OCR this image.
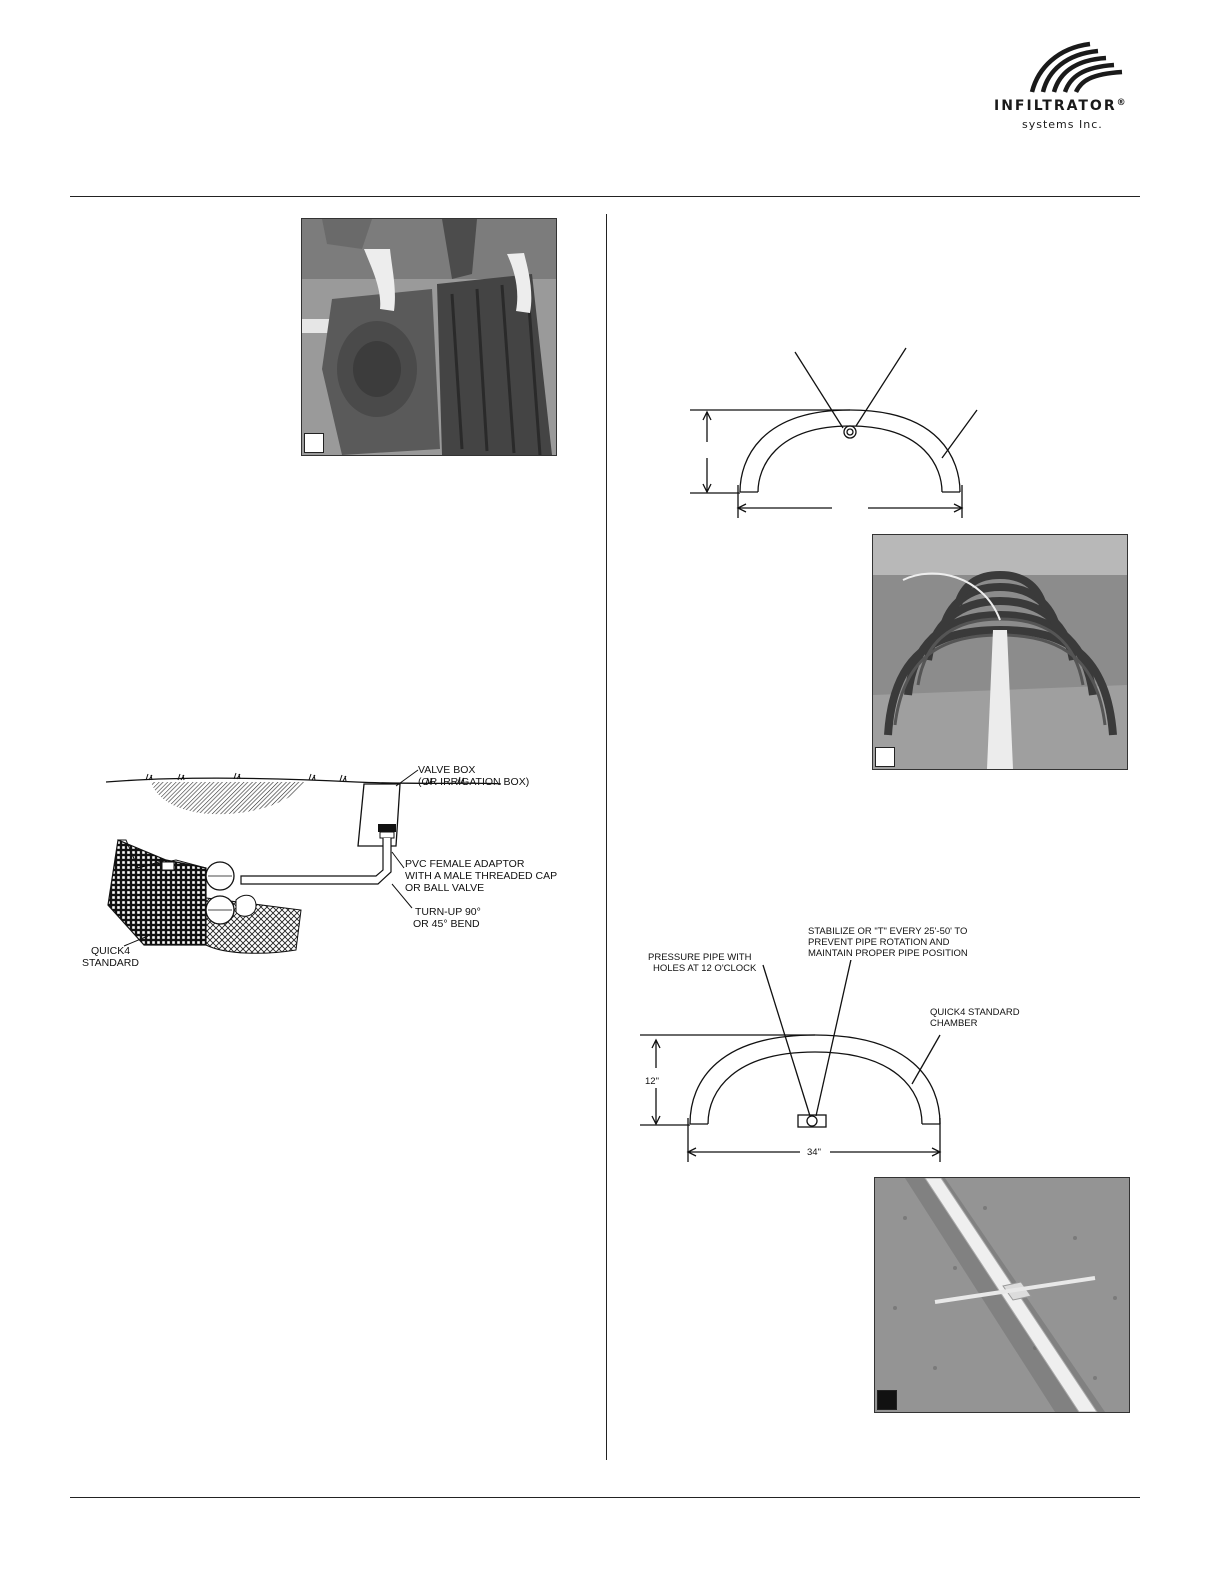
INFILTRATOR®
systems Inc.
VALVE BOX
(OR IRRIGATION BOX)
PVC FEMALE ADAPTOR
WITH A MALE THREADED CAP
OR BALL VALVE
TURN-UP 90°
OR 45° BEND
QUICK4
STANDARD
STABILIZE OR "T" EVERY 25'-50' TO
PREVENT PIPE ROTATION AND
MAINTAIN PROPER PIPE POSITION
PRESSURE PIPE WITH
HOLES AT 12 O'CLOCK
QUICK4 STANDARD
CHAMBER
12"
34"
